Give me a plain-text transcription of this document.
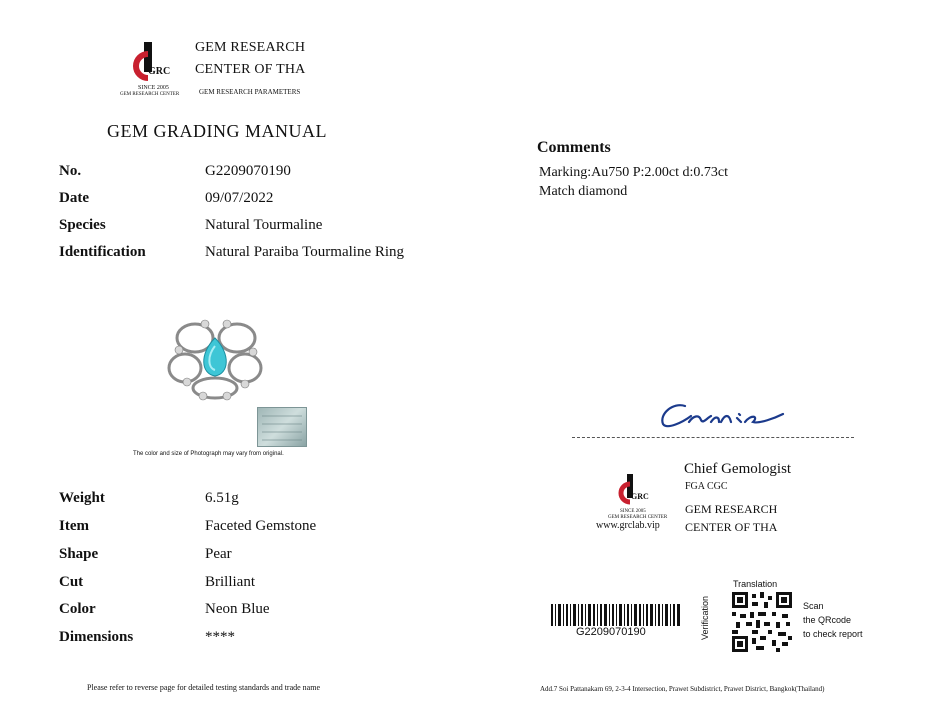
GRC
SINCE 2005
GEM RESEARCH CENTER
GEM RESEARCH
CENTER OF THA
GEM RESEARCH PARAMETERS
GEM GRADING MANUAL
No.	G2209070190
Date	09/07/2022
Species	Natural Tourmaline
Identification	Natural Paraiba Tourmaline Ring
The color and size of Photograph may vary from original.
Weight	6.51g
Item	Faceted Gemstone
Shape	Pear
Cut	Brilliant
Color	Neon Blue
Dimensions	****
Please refer to reverse page for detailed testing standards and trade name
Comments
Marking:Au750 P:2.00ct d:0.73ct
Match diamond
GRC
SINCE 2005
GEM RESEARCH CENTER
www.grclab.vip
Chief Gemologist
FGA CGC
GEM RESEARCH
CENTER OF THA
G2209070190
Translation
Verification	Scan
the QRcode
to check report
Add.7 Soi Pattanakarn 69, 2-3-4 Intersection, Prawet Subdistrict, Prawet District, Bangkok(Thailand)
